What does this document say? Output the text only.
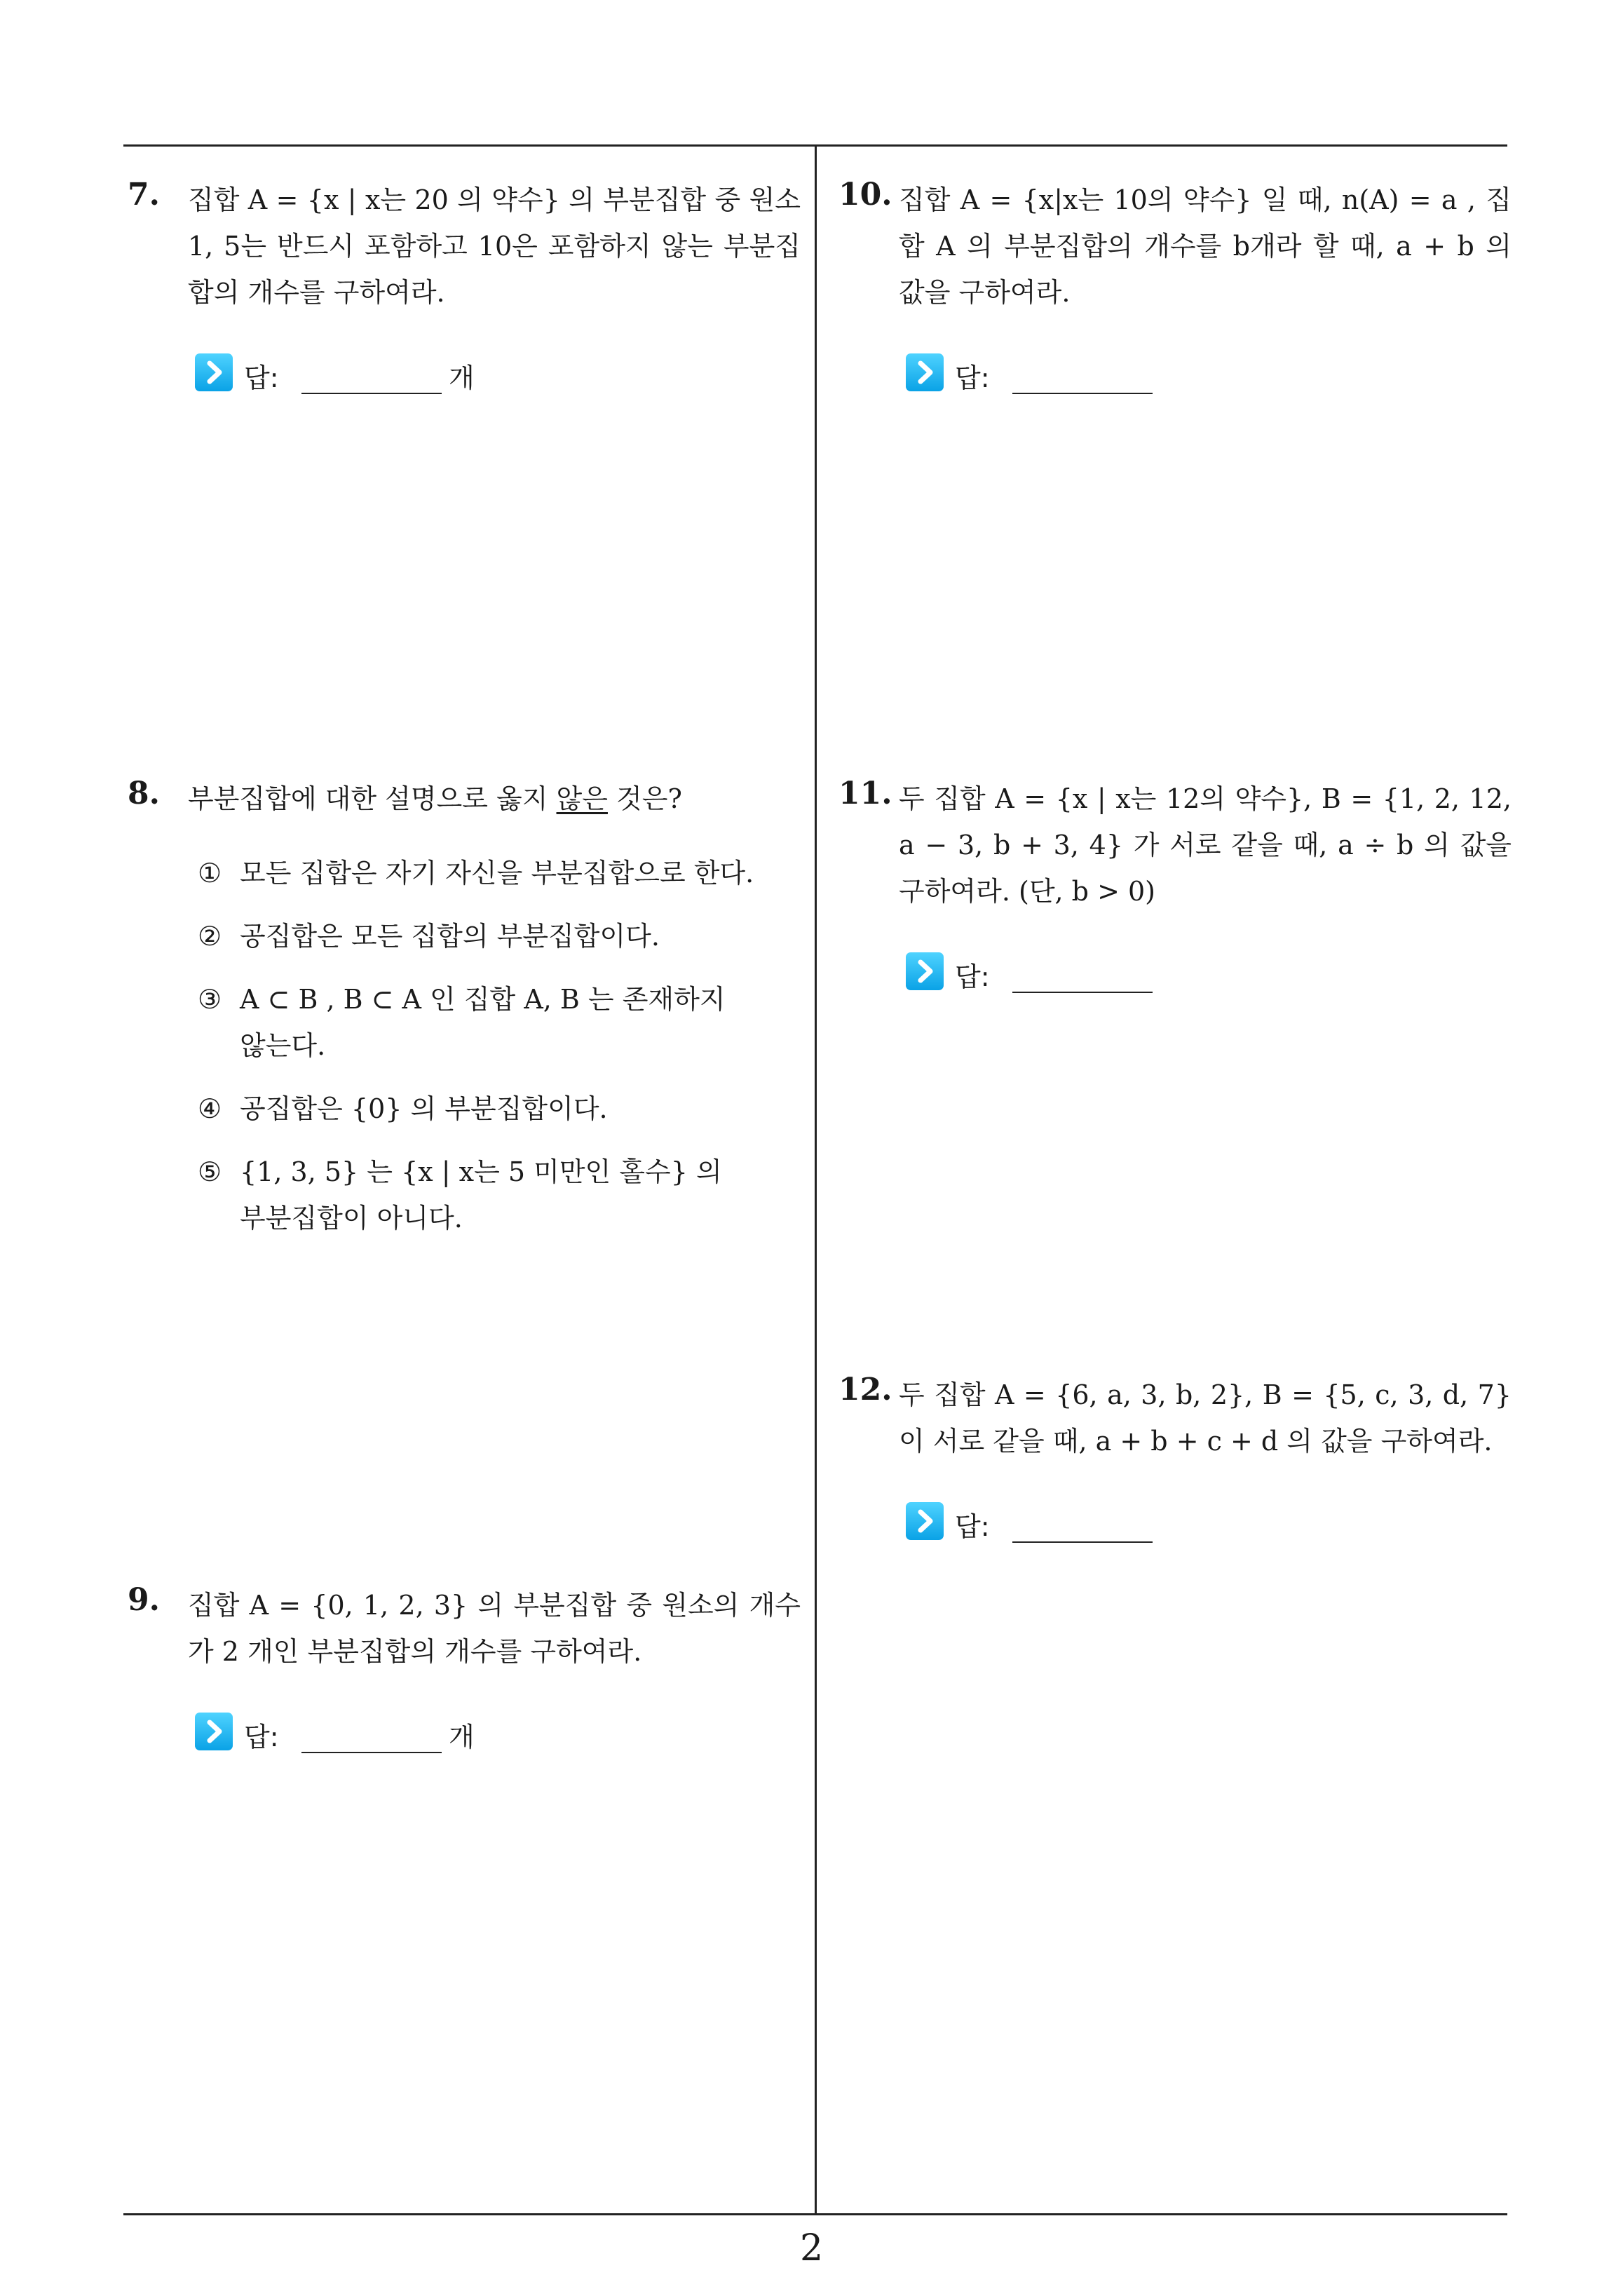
7. 집합 A = {x | x는 20 의 약수} 의 부분집합 중 원소 1, 5는 반드시 포함하고 10은 포함하지 않는 부분집합의 개수를 구하여라.
답:	개
8. 부분집합에 대한 설명으로 옳지 않은 것은?
① 모든 집합은 자기 자신을 부분집합으로 한다.
② 공집합은 모든 집합의 부분집합이다.
③ A ⊂ B , B ⊂ A 인 집합 A, B 는 존재하지 않는다.
④ 공집합은 {0} 의 부분집합이다.
⑤ {1, 3, 5} 는 {x | x는 5 미만인 홀수} 의 부분집합이 아니다.
9. 집합 A = {0, 1, 2, 3} 의 부분집합 중 원소의 개수가 2 개인 부분집합의 개수를 구하여라.
답:	개
10. 집합 A = {x|x는 10의 약수} 일 때, n(A) = a , 집합 A 의 부분집합의 개수를 b개라 할 때, a + b 의 값을 구하여라.
답:
11. 두 집합 A = {x | x는 12의 약수}, B = {1, 2, 12, a − 3, b + 3, 4} 가 서로 같을 때, a ÷ b 의 값을 구하여라. (단, b > 0)
답:
12. 두 집합 A = {6, a, 3, b, 2}, B = {5, c, 3, d, 7} 이 서로 같을 때, a + b + c + d 의 값을 구하여라.
답:
2
